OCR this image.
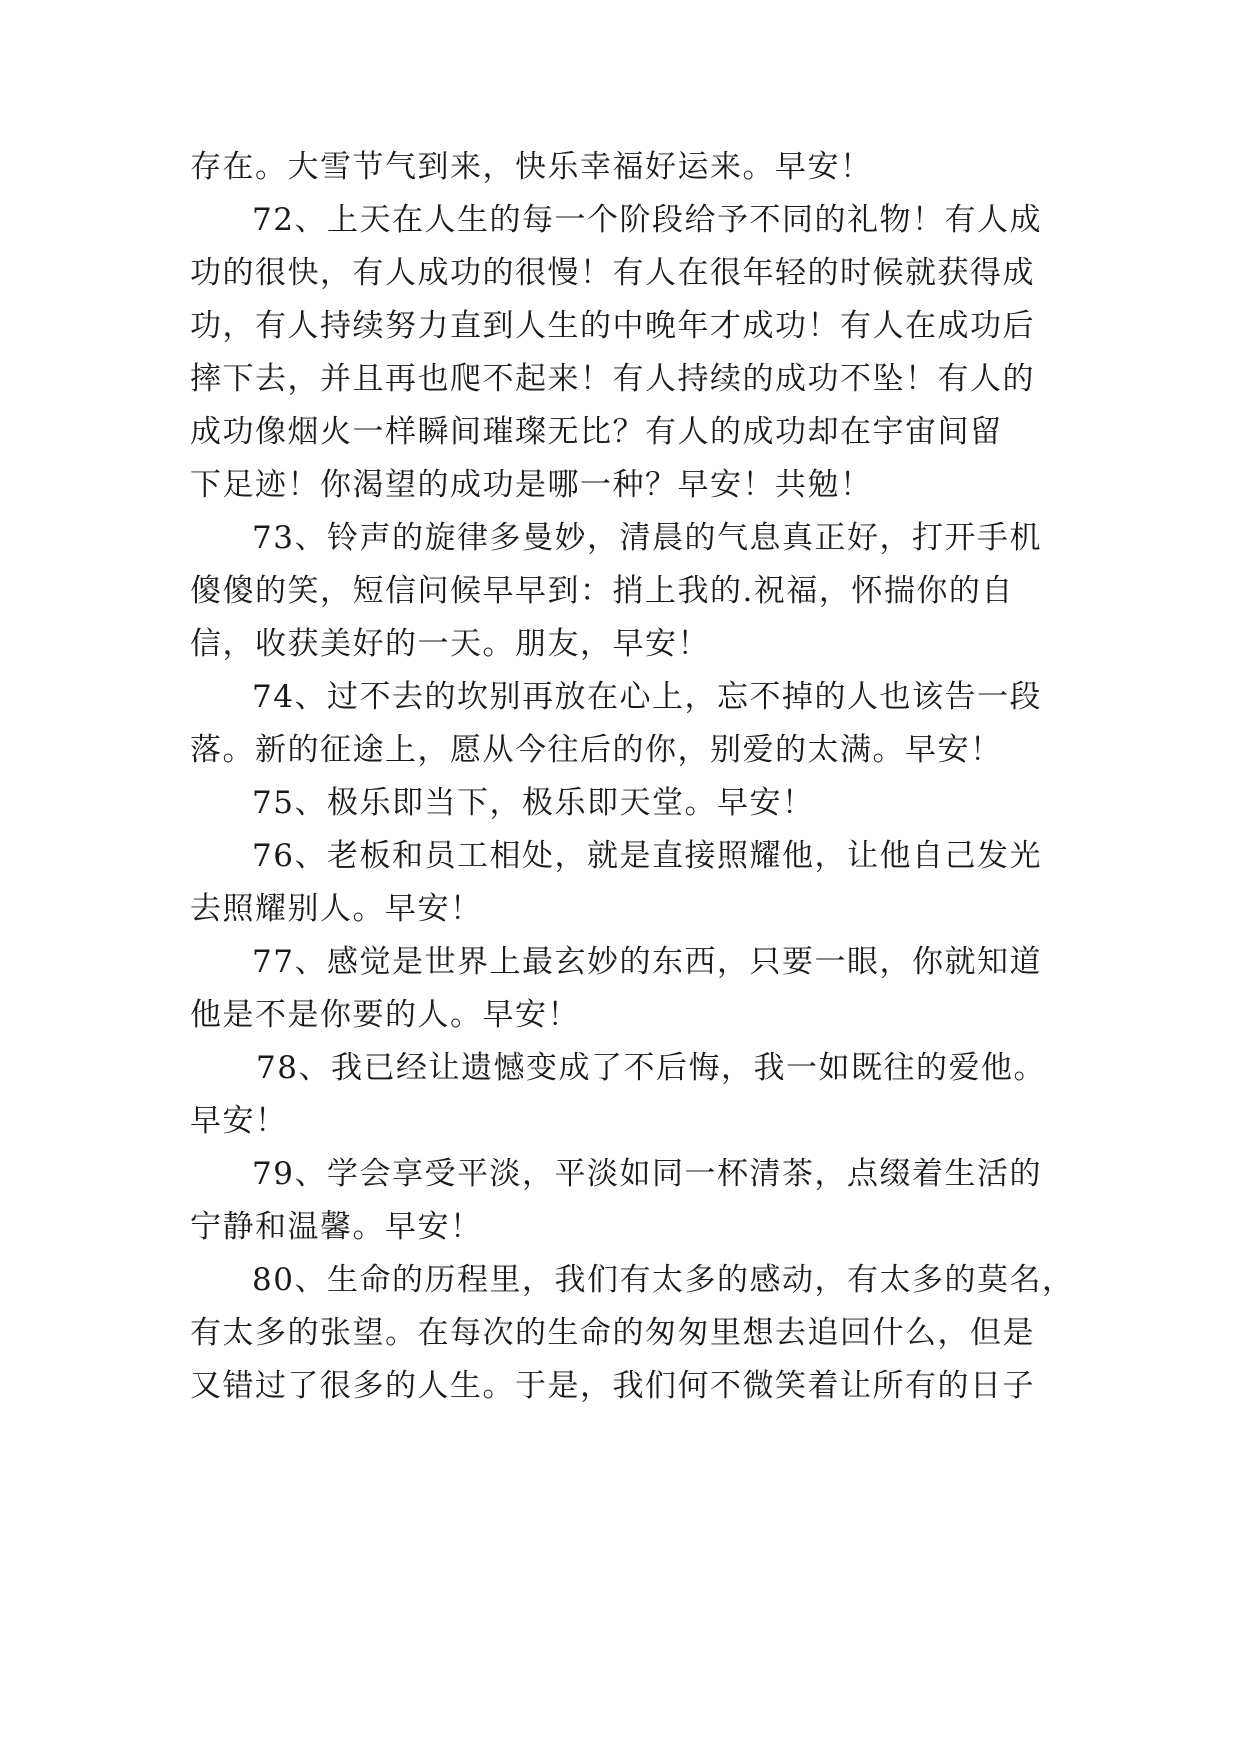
存在。大雪节气到来，快乐幸福好运来。早安！
72、上天在人生的每一个阶段给予不同的礼物！有人成
功的很快，有人成功的很慢！有人在很年轻的时候就获得成
功，有人持续努力直到人生的中晚年才成功！有人在成功后
摔下去，并且再也爬不起来！有人持续的成功不坠！有人的
成功像烟火一样瞬间璀璨无比？有人的成功却在宇宙间留
下足迹！你渴望的成功是哪一种？早安！共勉！
73、铃声的旋律多曼妙，清晨的气息真正好，打开手机
傻傻的笑，短信问候早早到：捎上我的.祝福，怀揣你的自
信，收获美好的一天。朋友，早安！
74、过不去的坎别再放在心上，忘不掉的人也该告一段
落。新的征途上，愿从今往后的你，别爱的太满。早安！
75、极乐即当下，极乐即天堂。早安！
76、老板和员工相处，就是直接照耀他，让他自己发光
去照耀别人。早安！
77、感觉是世界上最玄妙的东西，只要一眼，你就知道
他是不是你要的人。早安！
78、我已经让遗憾变成了不后悔，我一如既往的爱他。
早安！
79、学会享受平淡，平淡如同一杯清茶，点缀着生活的
宁静和温馨。早安！
80、生命的历程里，我们有太多的感动，有太多的莫名，
有太多的张望。在每次的生命的匆匆里想去追回什么，但是
又错过了很多的人生。于是，我们何不微笑着让所有的日子
